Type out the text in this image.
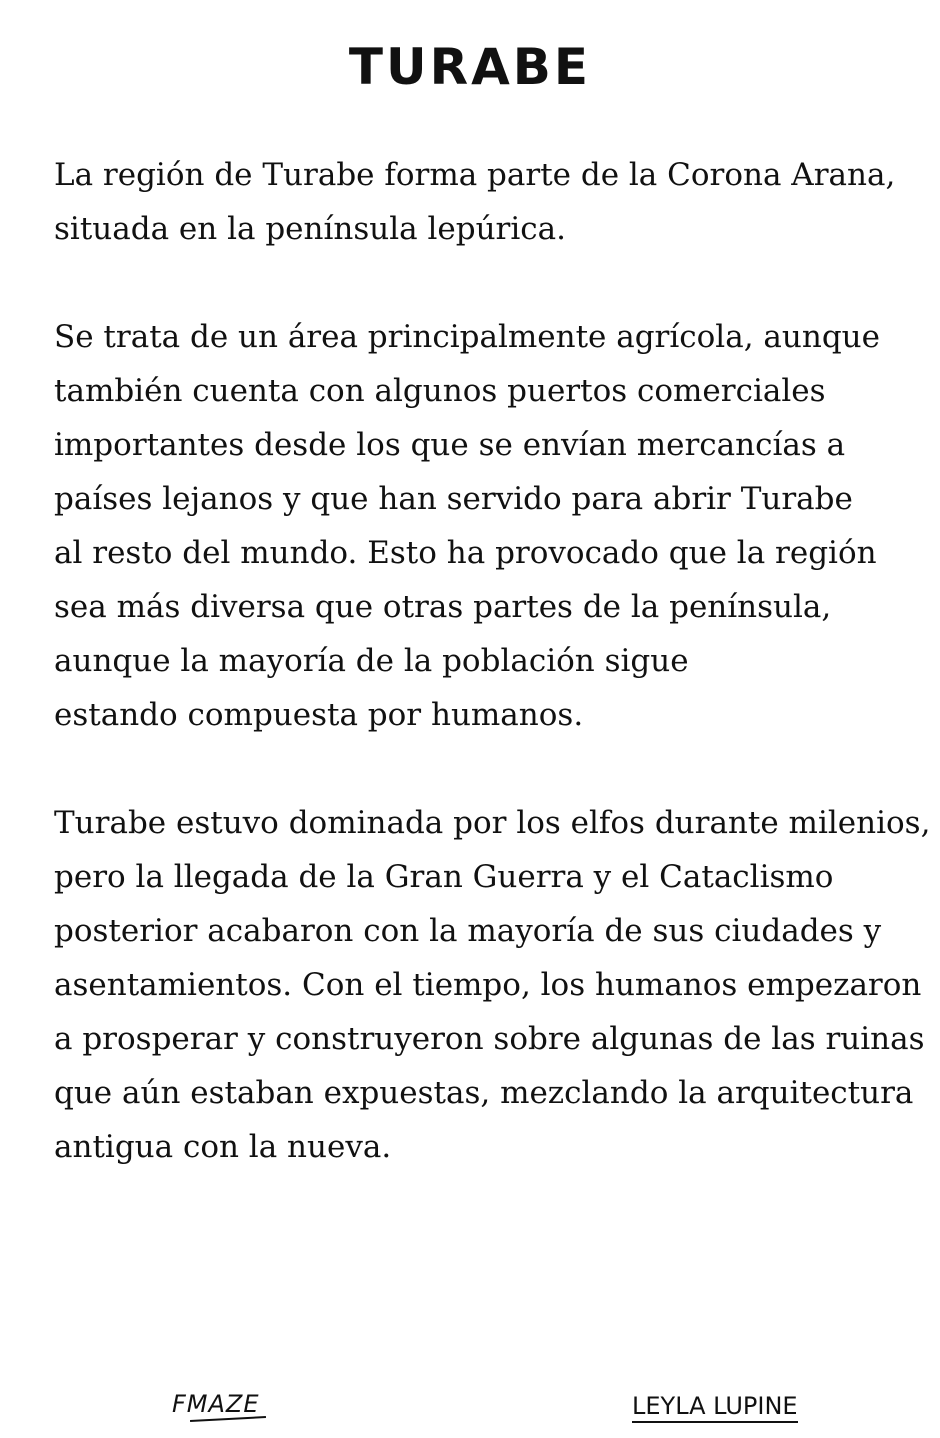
TURABE

La región de Turabe forma parte de la Corona Arana,
situada en la península lepúrica.

Se trata de un área principalmente agrícola, aunque
también cuenta con algunos puertos comerciales
importantes desde los que se envían mercancías a
países lejanos y que han servido para abrir Turabe
al resto del mundo. Esto ha provocado que la región
sea más diversa que otras partes de la península,
aunque la mayoría de la población sigue
estando compuesta por humanos.

Turabe estuvo dominada por los elfos durante milenios,
pero la llegada de la Gran Guerra y el Cataclismo
posterior acabaron con la mayoría de sus ciudades y
asentamientos. Con el tiempo, los humanos empezaron
a prosperar y construyeron sobre algunas de las ruinas
que aún estaban expuestas, mezclando la arquitectura
antigua con la nueva.

FMAZE	LEYLA LUPINE
